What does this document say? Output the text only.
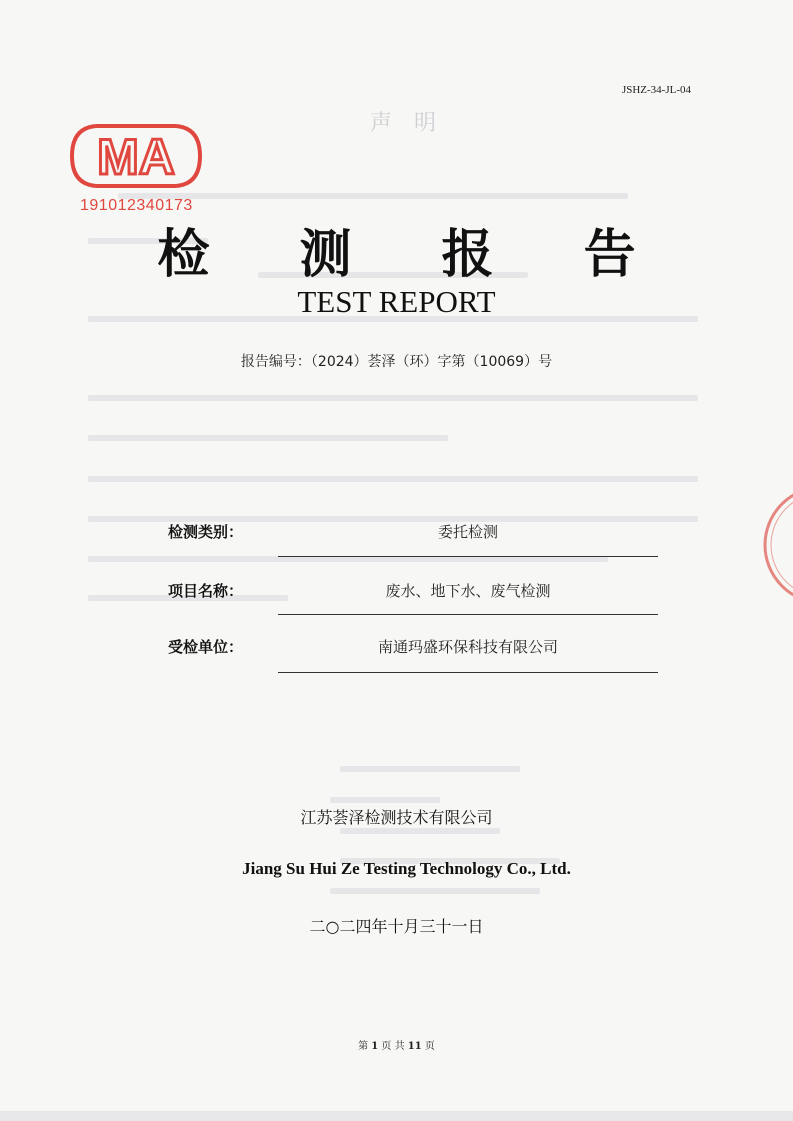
声明
JSHZ-34-JL-04
MA
191012340173
检 测 报 告
TEST REPORT
报告编号：（2024）荟泽（环）字第（10069）号
检测类别：	委托检测
项目名称：	废水、地下水、废气检测
受检单位：	南通玛盛环保科技有限公司
江苏荟泽检测技术有限公司
Jiang Su Hui Ze Testing Technology Co., Ltd.
二○二四年十月三十一日
第 1 页 共 11 页
